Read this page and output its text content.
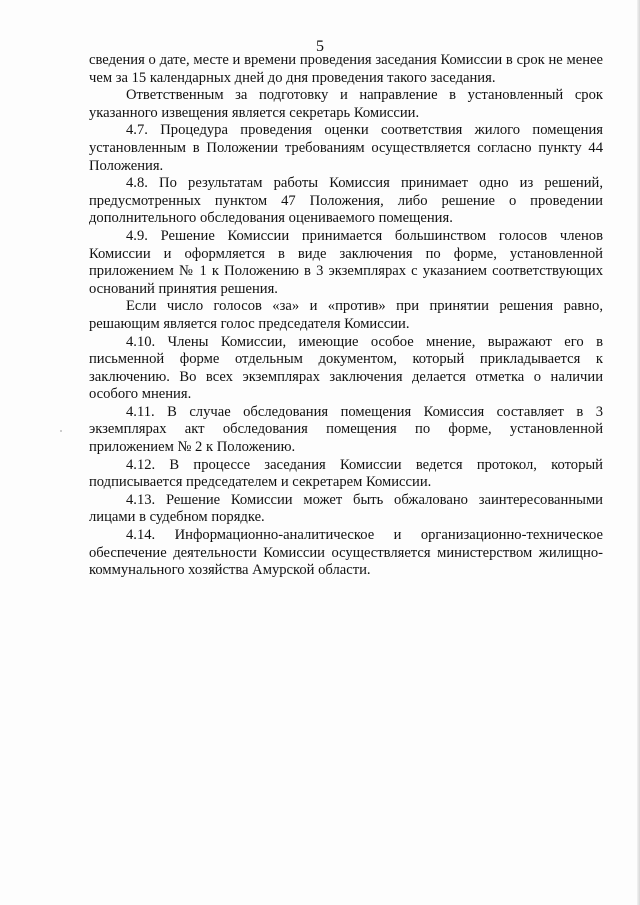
5

сведения о дате, месте и времени проведения заседания Комиссии в срок не менее чем за 15 календарных дней до дня проведения такого заседания.

Ответственным за подготовку и направление в установленный срок указанного извещения является секретарь Комиссии.

4.7. Процедура проведения оценки соответствия жилого помещения установленным в Положении требованиям осуществляется согласно пункту 44 Положения.

4.8. По результатам работы Комиссия принимает одно из решений, предусмотренных пунктом 47 Положения, либо решение о проведении дополнительного обследования оцениваемого помещения.

4.9. Решение Комиссии принимается большинством голосов членов Комиссии и оформляется в виде заключения по форме, установленной приложением № 1 к Положению в 3 экземплярах с указанием соответствующих оснований принятия решения.

Если число голосов «за» и «против» при принятии решения равно, решающим является голос председателя Комиссии.

4.10. Члены Комиссии, имеющие особое мнение, выражают его в письменной форме отдельным документом, который прикладывается к заключению. Во всех экземплярах заключения делается отметка о наличии особого мнения.

4.11. В случае обследования помещения Комиссия составляет в 3 экземплярах акт обследования помещения по форме, установленной приложением № 2 к Положению.

4.12. В процессе заседания Комиссии ведется протокол, который подписывается председателем и секретарем Комиссии.

4.13. Решение Комиссии может быть обжаловано заинтересованными лицами в судебном порядке.

4.14. Информационно-аналитическое и организационно-техническое обеспечение деятельности Комиссии осуществляется министерством жилищно-коммунального хозяйства Амурской области.
